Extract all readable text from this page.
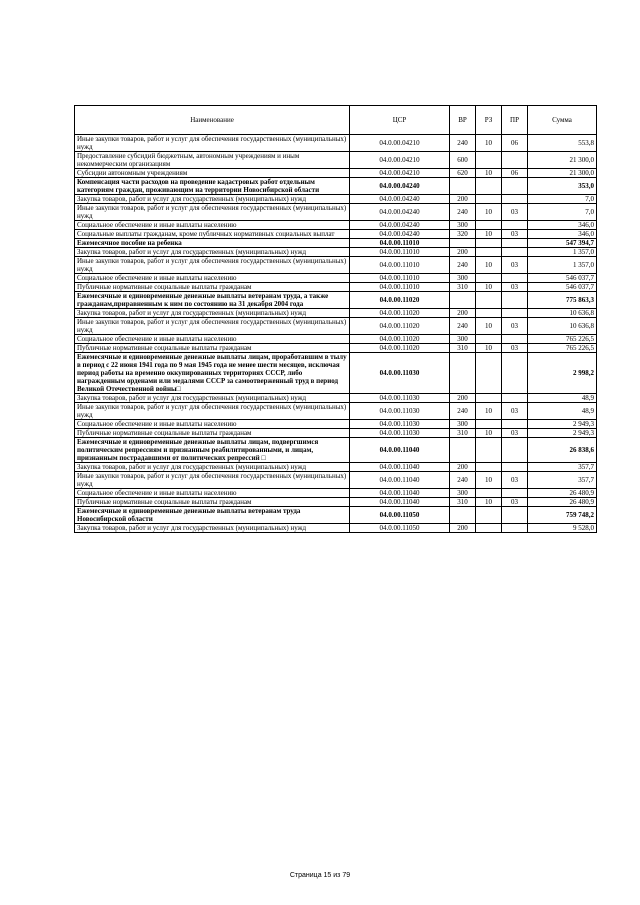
Наименование	ЦСР	ВР	РЗ	ПР	Сумма
Иные закупки товаров, работ и услуг для обеспечения государственных (муниципальных) нужд	04.0.00.04210	240	10	06	553,8
Предоставление субсидий бюджетным, автономным учреждениям и иным некоммерческим организациям	04.0.00.04210	600			21 300,0
Субсидии автономным учреждениям	04.0.00.04210	620	10	06	21 300,0
Компенсация части расходов на проведение кадастровых работ отдельным категориям граждан, проживающим на территории Новосибирской области	04.0.00.04240				353,0
Закупка товаров, работ и услуг для государственных (муниципальных) нужд	04.0.00.04240	200			7,0
Иные закупки товаров, работ и услуг для обеспечения государственных (муниципальных) нужд	04.0.00.04240	240	10	03	7,0
Социальное обеспечение и иные выплаты населению	04.0.00.04240	300			346,0
Социальные выплаты гражданам, кроме публичных нормативных социальных выплат	04.0.00.04240	320	10	03	346,0
Ежемесячное пособие на ребенка	04.0.00.11010				547 394,7
Закупка товаров, работ и услуг для государственных (муниципальных) нужд	04.0.00.11010	200			1 357,0
Иные закупки товаров, работ и услуг для обеспечения государственных (муниципальных) нужд	04.0.00.11010	240	10	03	1 357,0
Социальное обеспечение и иные выплаты населению	04.0.00.11010	300			546 037,7
Публичные нормативные социальные выплаты гражданам	04.0.00.11010	310	10	03	546 037,7
Ежемесячные и единовременные денежные выплаты ветеранам труда, а также гражданам,приравненным к ним по состоянию на 31 декабря 2004 года	04.0.00.11020				775 863,3
Закупка товаров, работ и услуг для государственных (муниципальных) нужд	04.0.00.11020	200			10 636,8
Иные закупки товаров, работ и услуг для обеспечения государственных (муниципальных) нужд	04.0.00.11020	240	10	03	10 636,8
Социальное обеспечение и иные выплаты населению	04.0.00.11020	300			765 226,5
Публичные нормативные социальные выплаты гражданам	04.0.00.11020	310	10	03	765 226,5
Ежемесячные и единовременные денежные выплаты лицам, проработавшим в тылу в период с 22 июня 1941 года по 9 мая 1945 года не менее шести месяцев, исключая период работы на временно оккупированных территориях СССР, либо награжденным орденами или медалями СССР за самоотверженный труд в период Великой Отечественной войны□	04.0.00.11030				2 998,2
Закупка товаров, работ и услуг для государственных (муниципальных) нужд	04.0.00.11030	200			48,9
Иные закупки товаров, работ и услуг для обеспечения государственных (муниципальных) нужд	04.0.00.11030	240	10	03	48,9
Социальное обеспечение и иные выплаты населению	04.0.00.11030	300			2 949,3
Публичные нормативные социальные выплаты гражданам	04.0.00.11030	310	10	03	2 949,3
Ежемесячные и единовременные денежные выплаты лицам, подвергшимся политическим репрессиям и признанным реабилитированными, и лицам, признанным пострадавшими от политических репрессий □	04.0.00.11040				26 838,6
Закупка товаров, работ и услуг для государственных (муниципальных) нужд	04.0.00.11040	200			357,7
Иные закупки товаров, работ и услуг для обеспечения государственных (муниципальных) нужд	04.0.00.11040	240	10	03	357,7
Социальное обеспечение и иные выплаты населению	04.0.00.11040	300			26 480,9
Публичные нормативные социальные выплаты гражданам	04.0.00.11040	310	10	03	26 480,9
Ежемесячные и единовременные денежные выплаты ветеранам труда Новосибирской области	04.0.00.11050				759 748,2
Закупка товаров, работ и услуг для государственных (муниципальных) нужд	04.0.00.11050	200			9 528,0
Страница 15 из 79
